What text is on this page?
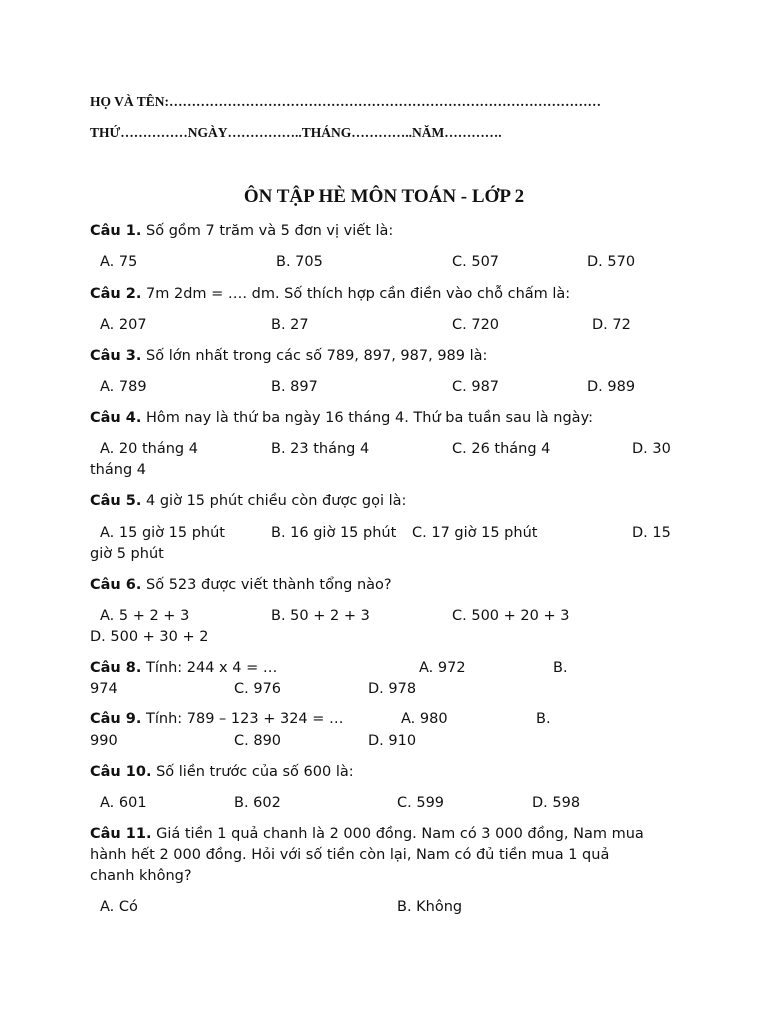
HỌ VÀ TÊN:……………………………………………………………………………………
THỨ……………NGÀY……………..THÁNG…………..NĂM………….
ÔN TẬP HÈ MÔN TOÁN - LỚP 2
Câu 1. Số gồm 7 trăm và 5 đơn vị viết là:
A. 75	B. 705	C. 507	D. 570
Câu 2. 7m 2dm = …. dm. Số thích hợp cần điền vào chỗ chấm là:
A. 207	B. 27	C. 720	D. 72
Câu 3. Số lớn nhất trong các số 789, 897, 987, 989 là:
A. 789	B. 897	C. 987	D. 989
Câu 4. Hôm nay là thứ ba ngày 16 tháng 4. Thứ ba tuần sau là ngày:
A. 20 tháng 4	B. 23 tháng 4	C. 26 tháng 4	D. 30
tháng 4
Câu 5. 4 giờ 15 phút chiều còn được gọi là:
A. 15 giờ 15 phút	B. 16 giờ 15 phút C. 17 giờ 15 phút	D. 15
giờ 5 phút
Câu 6. Số 523 được viết thành tổng nào?
A. 5 + 2 + 3	B. 50 + 2 + 3	C. 500 + 20 + 3
D. 500 + 30 + 2
Câu 8. Tính: 244 x 4 = …	A. 972	B.
974	C. 976	D. 978
Câu 9. Tính: 789 – 123 + 324 = …	A. 980	B.
990	C. 890	D. 910
Câu 10. Số liền trước của số 600 là:
A. 601	B. 602	C. 599	D. 598
Câu 11. Giá tiền 1 quả chanh là 2 000 đồng. Nam có 3 000 đồng, Nam mua
hành hết 2 000 đồng. Hỏi với số tiền còn lại, Nam có đủ tiền mua 1 quả
chanh không?
A. Có	B. Không
